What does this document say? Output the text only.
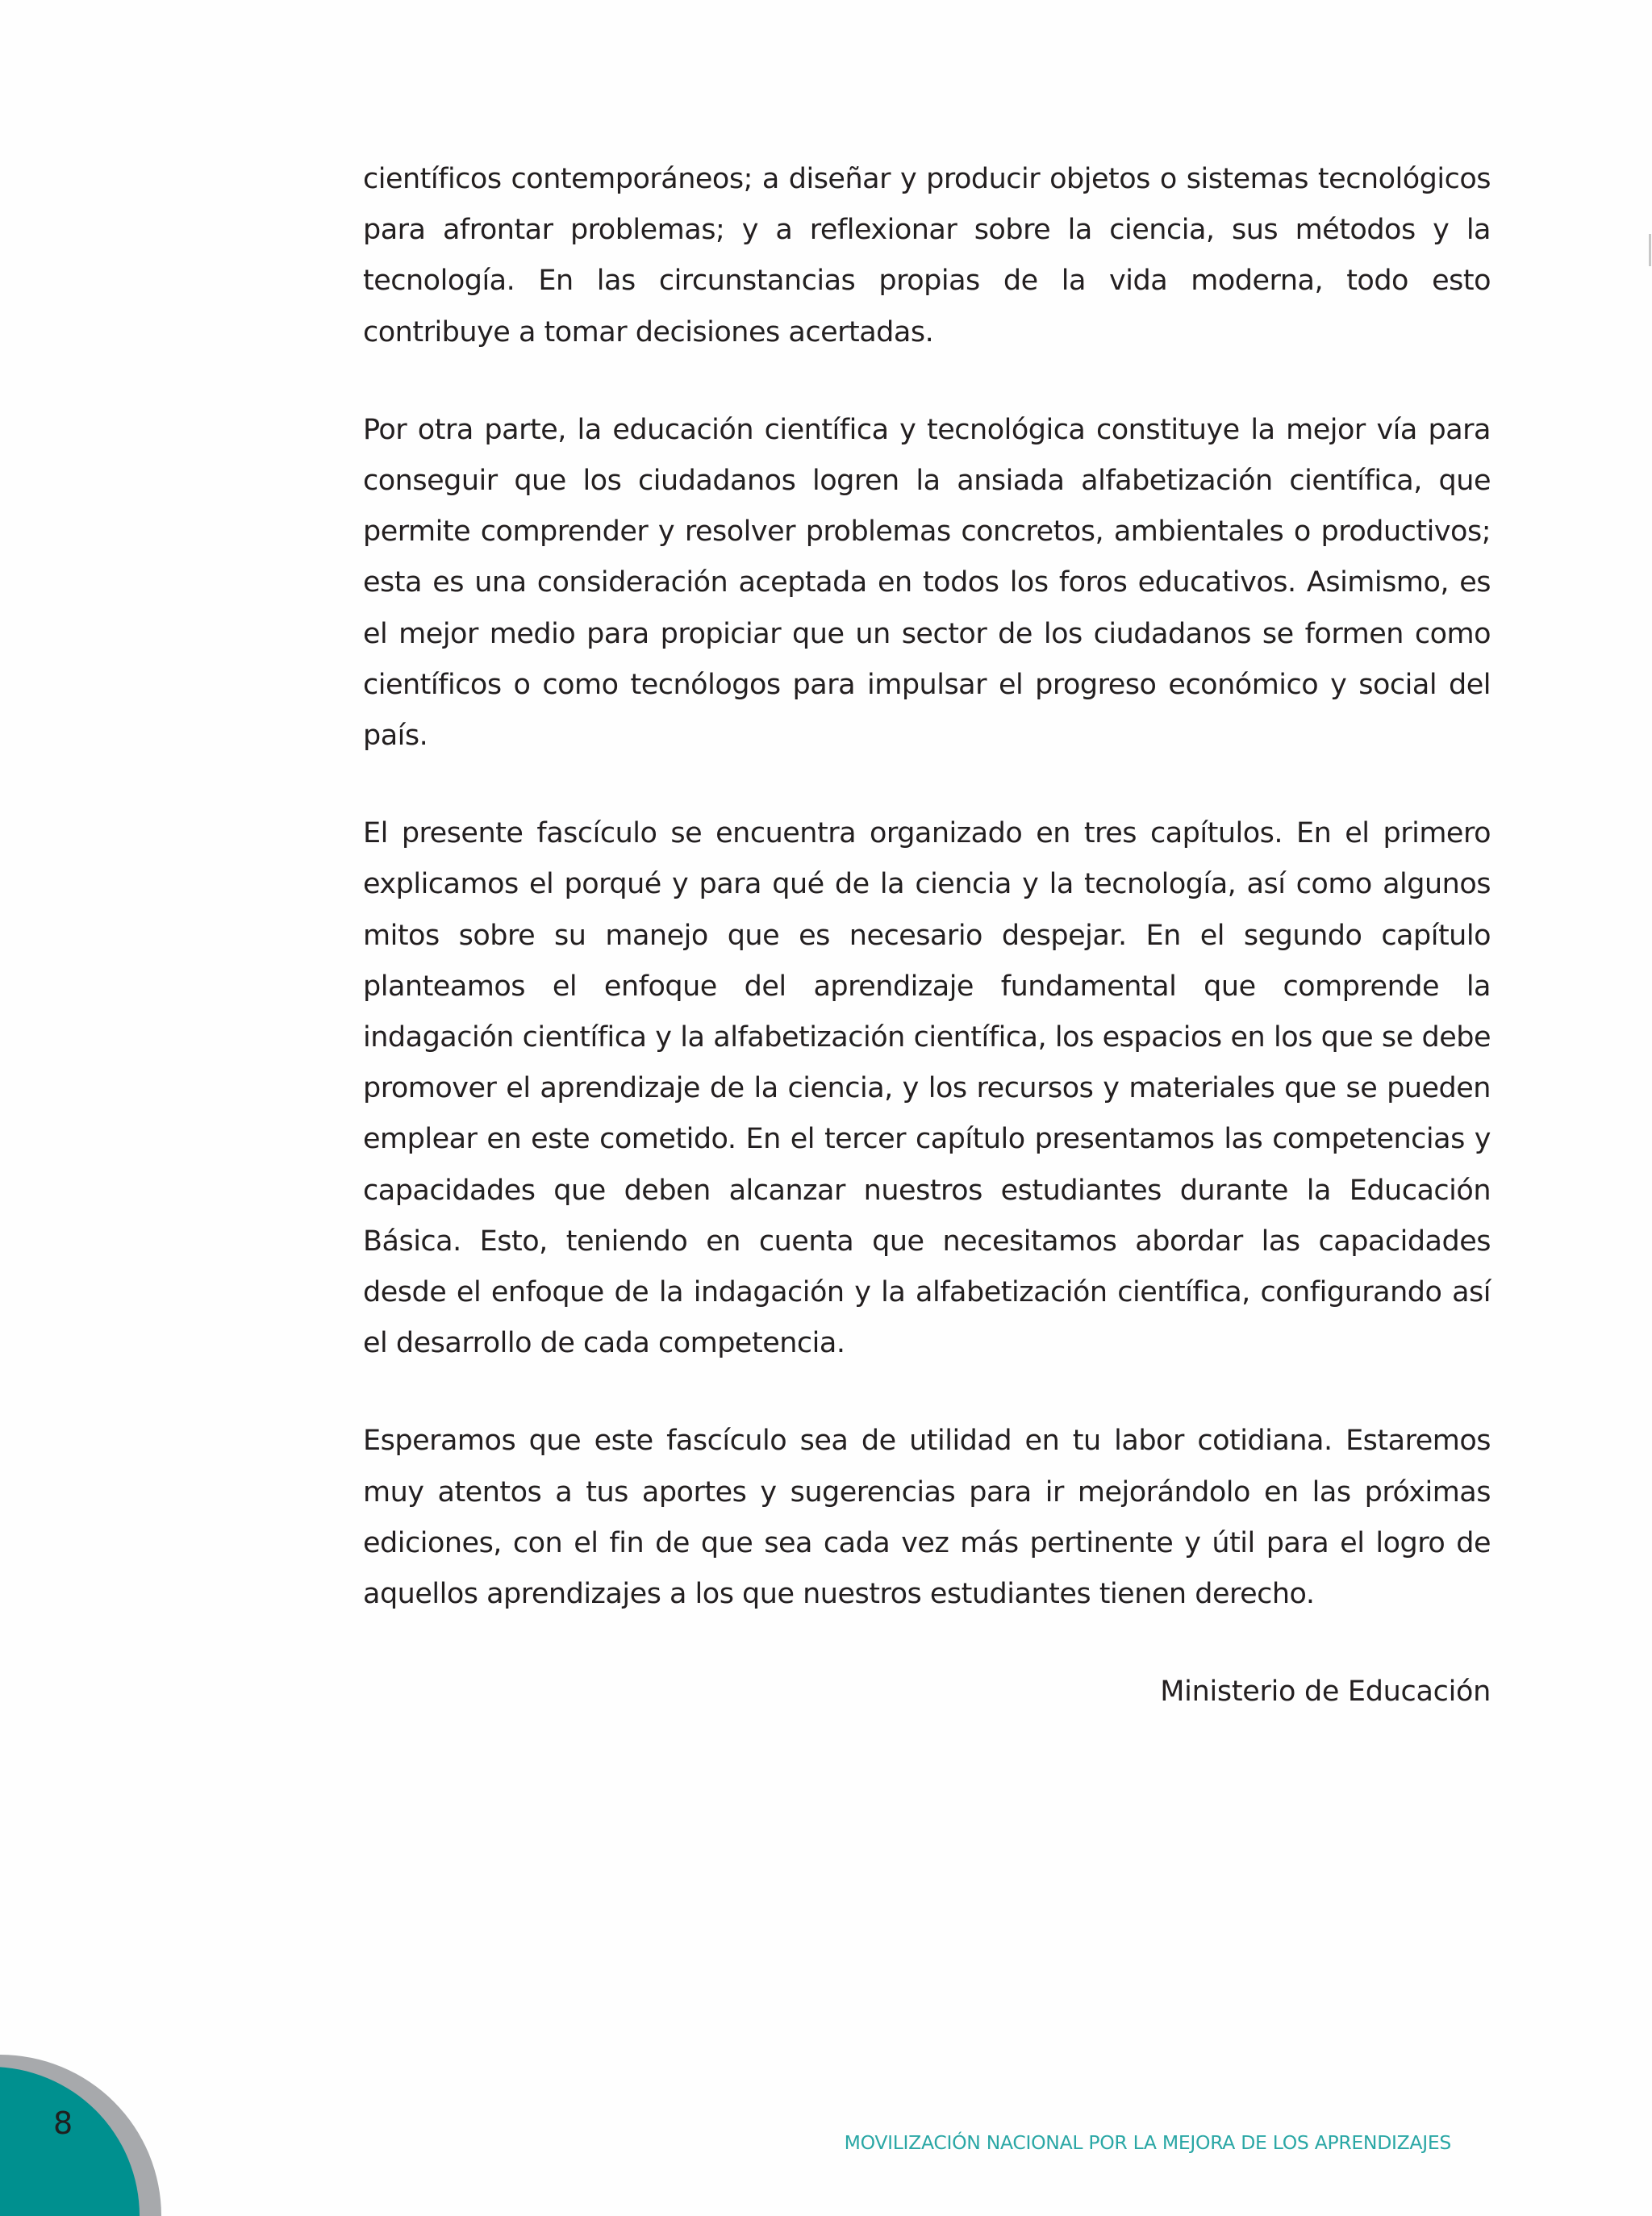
científicos contemporáneos; a diseñar y producir objetos o sistemas tecnológicos para afrontar problemas; y a reflexionar sobre la ciencia, sus métodos y la tecnología. En las circunstancias propias de la vida moderna, todo esto contribuye a tomar decisiones acertadas.

Por otra parte, la educación científica y tecnológica constituye la mejor vía para conseguir que los ciudadanos logren la ansiada alfabetización científica, que permite comprender y resolver problemas concretos, ambientales o productivos; esta es una consideración aceptada en todos los foros educativos. Asimismo, es el mejor medio para propiciar que un sector de los ciudadanos se formen como científicos o como tecnólogos para impulsar el progreso económico y social del país.

El presente fascículo se encuentra organizado en tres capítulos. En el primero explicamos el porqué y para qué de la ciencia y la tecnología, así como algunos mitos sobre su manejo que es necesario despejar. En el segundo capítulo planteamos el enfoque del aprendizaje fundamental que comprende la indagación científica y la alfabetización científica, los espacios en los que se debe promover el aprendizaje de la ciencia, y los recursos y materiales que se pueden emplear en este cometido. En el tercer capítulo presentamos las competencias y capacidades que deben alcanzar nuestros estudiantes durante la Educación Básica. Esto, teniendo en cuenta que necesitamos abordar las capacidades desde el enfoque de la indagación y la alfabetización científica, configurando así el desarrollo de cada competencia.

Esperamos que este fascículo sea de utilidad en tu labor cotidiana. Estaremos muy atentos a tus aportes y sugerencias para ir mejorándolo en las próximas ediciones, con el fin de que sea cada vez más pertinente y útil para el logro de aquellos aprendizajes a los que nuestros estudiantes tienen derecho.

Ministerio de Educación

8
MOVILIZACIÓN NACIONAL POR LA MEJORA DE LOS APRENDIZAJES
